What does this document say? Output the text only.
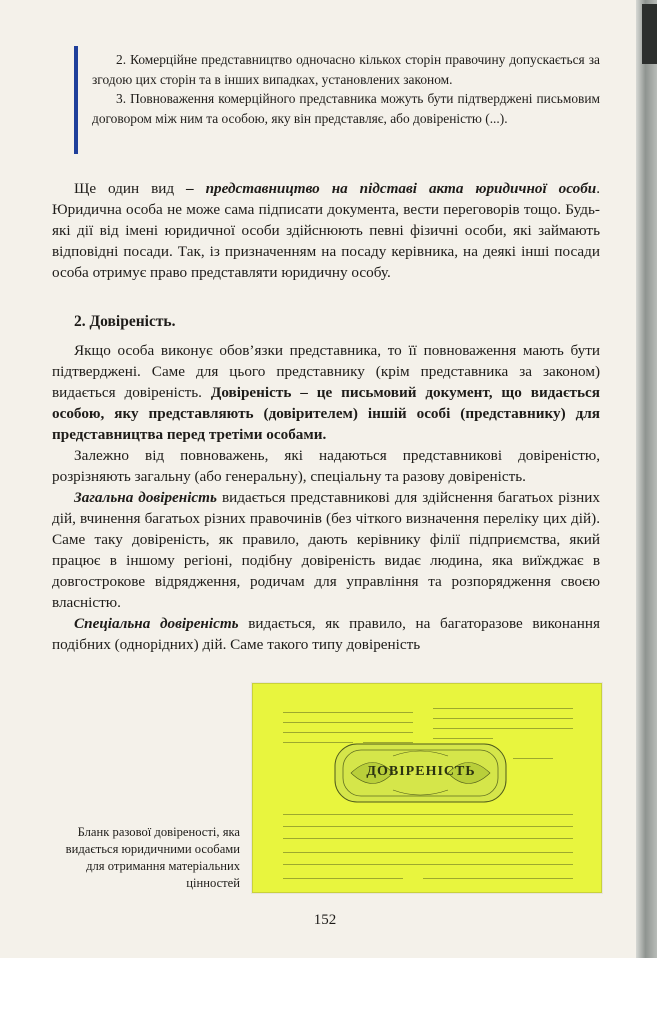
2. Комерційне представництво одночасно кількох сторін правочину допускається за згодою цих сторін та в інших випадках, установлених законом.

3. Повноваження комерційного представника можуть бути підтверджені письмовим договором між ним та особою, яку він представляє, або довіреністю (...).

Ще один вид – представництво на підставі акта юридичної особи. Юридична особа не може сама підписати документа, вести переговорів тощо. Будь-які дії від імені юридичної особи здійснюють певні фізичні особи, які займають відповідні посади. Так, із призначенням на посаду керівника, на деякі інші посади особа отримує право представляти юридичну особу.

2. Довіреність.

Якщо особа виконує обов’язки представника, то її повноваження мають бути підтверджені. Саме для цього представнику (крім представника за законом) видається довіреність. Довіреність – це письмовий документ, що видається особою, яку представляють (довірителем) іншій особі (представнику) для представництва перед третіми особами.

Залежно від повноважень, які надаються представникові довіреністю, розрізняють загальну (або генеральну), спеціальну та разову довіреність.

Загальна довіреність видається представникові для здійснення багатьох різних дій, вчинення багатьох різних правочинів (без чіткого визначення переліку цих дій). Саме таку довіреність, як правило, дають керівнику філії підприємства, який працює в іншому регіоні, подібну довіреність видає людина, яка виїжджає в довгострокове відрядження, родичам для управління та розпорядження своєю власністю.

Спеціальна довіреність видається, як правило, на багаторазове виконання подібних (однорідних) дій. Саме такого типу довіреність

ДОВІРЕНІСТЬ
Бланк разової довіреності, яка видається юридичними особами для отримання матеріальних цінностей
152
